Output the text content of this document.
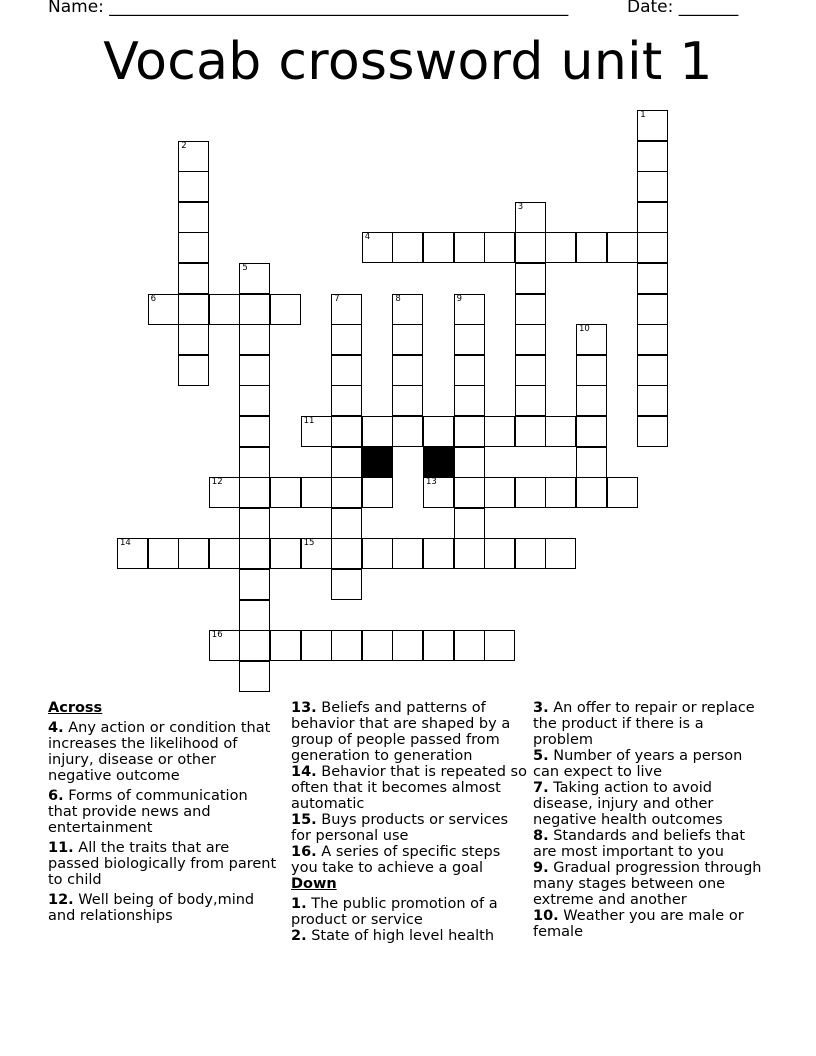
Name: ______________________________________________________	Date: _______
Vocab crossword unit 1
1
2
3
4
5
6	7	8	9
10
11
12	13
14	15
16
Across
4. Any action or condition that increases the likelihood of injury, disease or other negative outcome
6. Forms of communication that provide news and entertainment
11. All the traits that are passed biologically from parent to child
12. Well being of body,mind and relationships
13. Beliefs and patterns of behavior that are shaped by a group of people passed from generation to generation
14. Behavior that is repeated so often that it becomes almost automatic
15. Buys products or services for personal use
16. A series of specific steps you take to achieve a goal
Down
1. The public promotion of a product or service
2. State of high level health
3. An offer to repair or replace the product if there is a problem
5. Number of years a person can expect to live
7. Taking action to avoid disease, injury and other negative health outcomes
8. Standards and beliefs that are most important to you
9. Gradual progression through many stages between one extreme and another
10. Weather you are male or female
